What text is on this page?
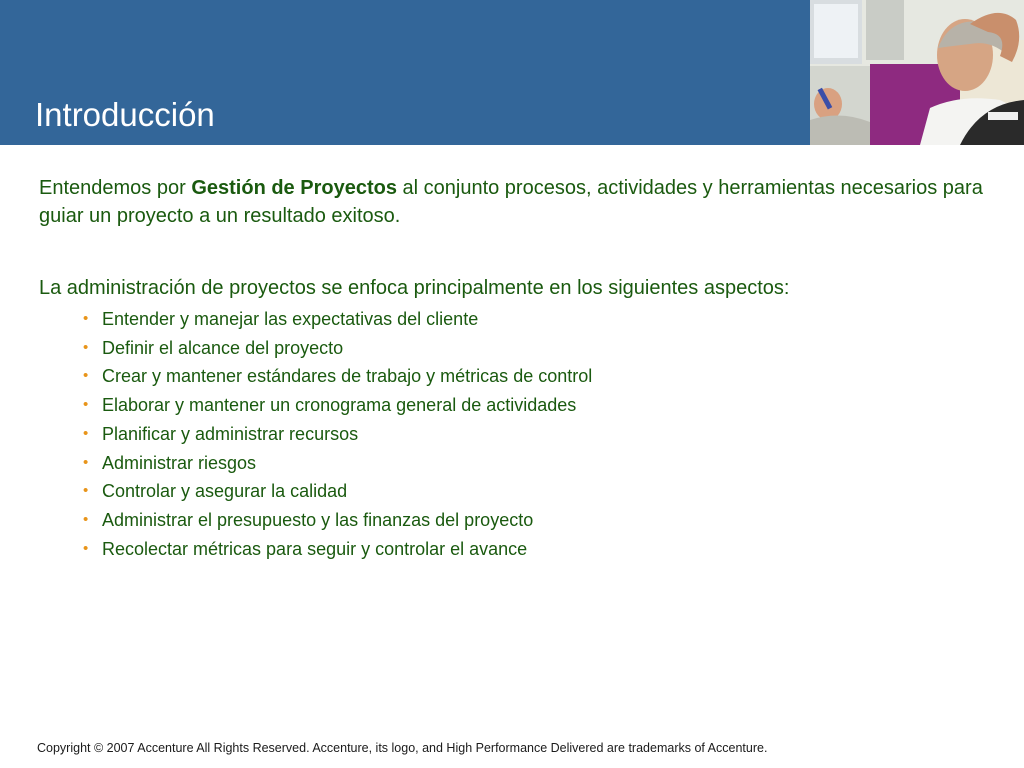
Introducción

Entendemos por Gestión de Proyectos al conjunto procesos, actividades y herramientas necesarios para guiar un proyecto a un resultado exitoso.

La administración de proyectos se enfoca principalmente en los siguientes aspectos:

• Entender y manejar las expectativas del cliente
• Definir el alcance del proyecto
• Crear y mantener estándares de trabajo y métricas de control
• Elaborar y mantener un cronograma general de actividades
• Planificar y administrar recursos
• Administrar riesgos
• Controlar y asegurar la calidad
• Administrar el presupuesto y las finanzas del proyecto
• Recolectar métricas para seguir y controlar el avance

Copyright © 2007 Accenture All Rights Reserved. Accenture, its logo, and High Performance Delivered are trademarks of Accenture.
